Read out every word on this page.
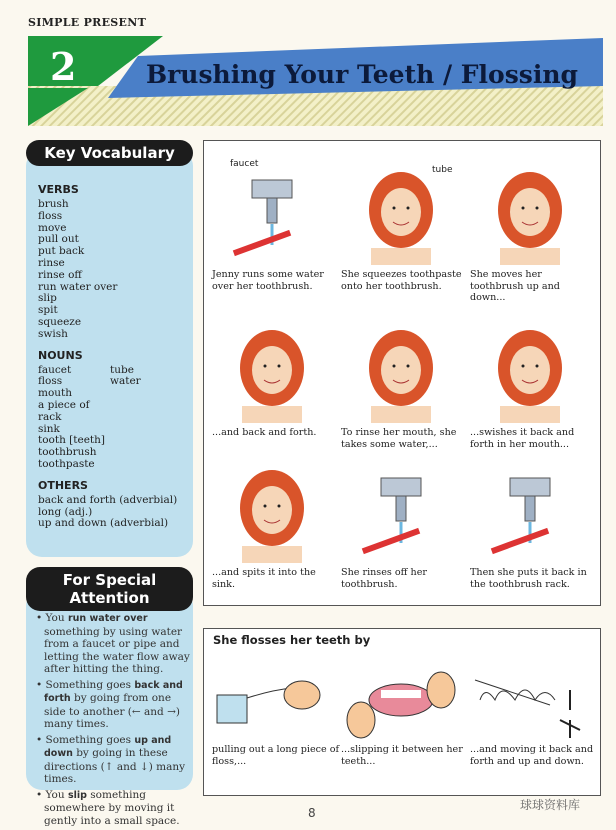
SIMPLE PRESENT
2	Brushing Your Teeth / Flossing
Key Vocabulary
VERBS
brush
floss
move
pull out
put back
rinse
rinse off
run water over
slip
spit
squeeze
swish
NOUNS
faucet
floss
mouth
a piece of
rack
sink
tooth [teeth]
toothbrush
toothpaste
tube
water
OTHERS
back and forth (adverbial)
long (adj.)
up and down (adverbial)
For Special Attention
• You run water over something by using water from a faucet or pipe and letting the water flow away after hitting the thing.
• Something goes back and forth by going from one side to another (← and →) many times.
• Something goes up and down by going in these directions (↑ and ↓) many times.
• You slip something somewhere by moving it gently into a small space.
Jenny runs some water over her toothbrush.
She squeezes toothpaste onto her toothbrush.
She moves her toothbrush up and down...
...and back and forth.	To rinse her mouth, she takes some water,...
...swishes it back and forth in her mouth...
...and spits it into the sink.
She rinses off her toothbrush.
Then she puts it back in the toothbrush rack.
faucet
tube
She flosses her teeth by
pulling out a long piece of floss,...
...slipping it between her teeth...
...and moving it back and forth and up and down.
8
球球资料库
